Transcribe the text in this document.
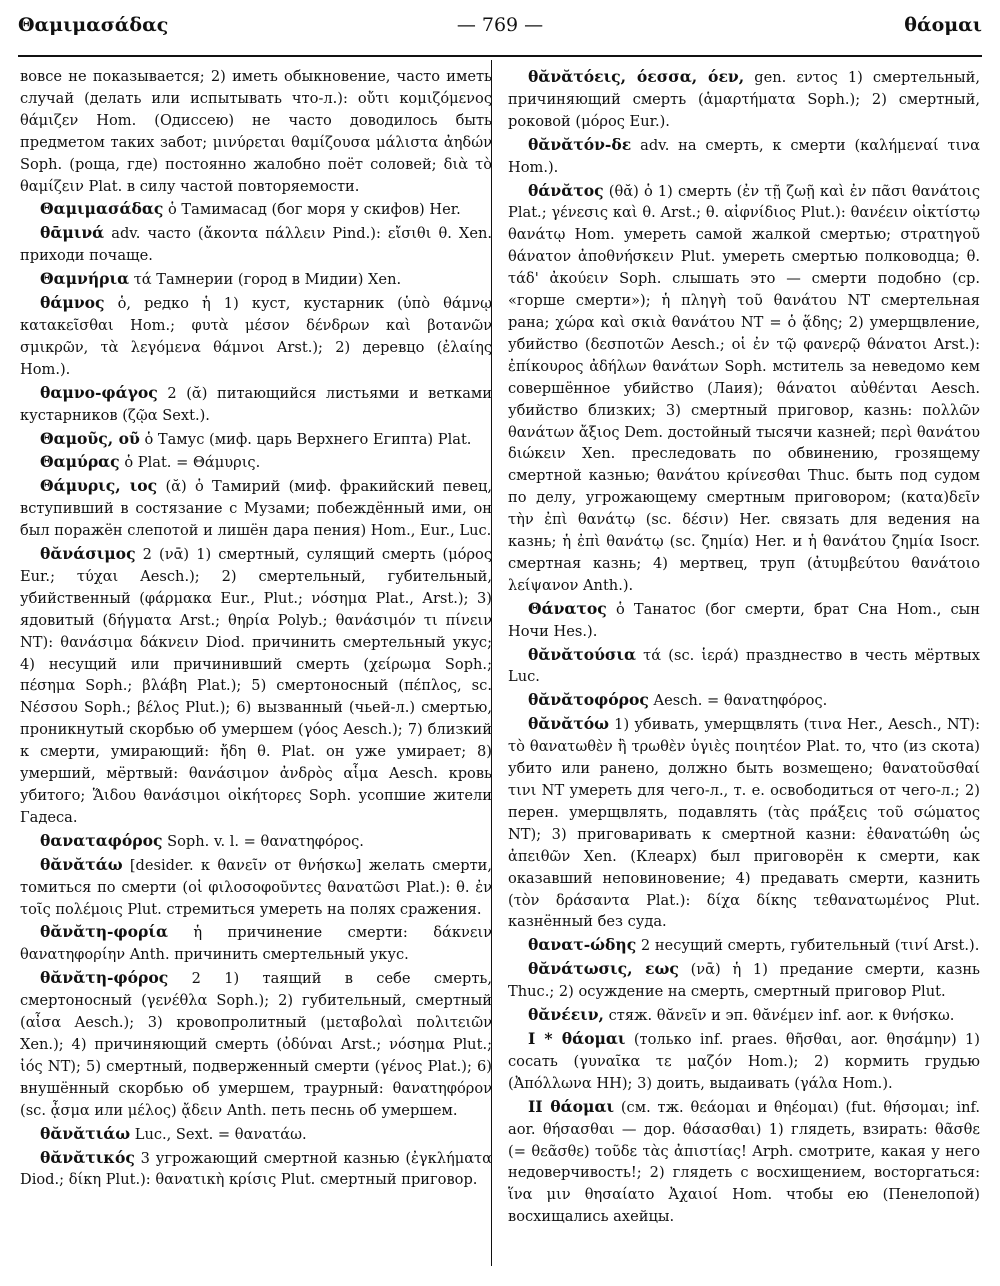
Θαμιμασάδας	— 769 —	θάομαι

вовсе не показывается; 2) иметь обыкновение, часто иметь случай (делать или испытывать что-л.): οὔτι κομιζόμενος θάμιζεν Hom. (Одиссею) не часто доводилось быть предметом таких забот; μινύρεται θαμίζουσα μάλιστα ἀηδών Soph. (роща, где) постоянно жалобно поёт соловей; διὰ τὸ θαμίζειν Plat. в силу частой повторяемости.

Θαμιμασάδας ὁ Тамимасад (бог моря у скифов) Her.

θᾱμινά adv. часто (ἄκοντα πάλλειν Pind.): εἴσιθι θ. Xen. приходи почаще.

Θαμνήρια τά Тамнерии (город в Мидии) Xen.

θάμνος ὁ, редко ἡ 1) куст, кустарник (ὑπὸ θάμνῳ κατακεῖσθαι Hom.; φυτὰ μέσον δένδρων καὶ βοτανῶν σμικρῶν, τὰ λεγόμενα θάμνοι Arst.); 2) деревцо (ἐλαίης Hom.).

θαμνο-φάγος 2 (ᾰ) питающийся листьями и ветками кустарников (ζῷα Sext.).

Θαμοῦς, οῦ ὁ Тамус (миф. царь Верхнего Египта) Plat.

Θαμύρας ὁ Plat. = Θάμυρις.

Θάμυρις, ιος (ᾰ) ὁ Тамирий (миф. фракийский певец, вступивший в состязание с Музами; побеждённый ими, он был поражён слепотой и лишён дара пения) Hom., Eur., Luc.

θᾰνάσιμος 2 (νᾱ) 1) смертный, сулящий смерть (μόρος Eur.; τύχαι Aesch.); 2) смертельный, губительный, убийственный (φάρμακα Eur., Plut.; νόσημα Plat., Arst.); 3) ядовитый (δήγματα Arst.; θηρία Polyb.; θανάσιμόν τι πίνειν NT): θανάσιμα δάκνειν Diod. причинить смертельный укус; 4) несущий или причинивший смерть (χείρωμα Soph.; πέσημα Soph.; βλάβη Plat.); 5) смертоносный (πέπλος, sc. Νέσσου Soph.; βέλος Plut.); 6) вызванный (чьей-л.) смертью, проникнутый скорбью об умершем (γόος Aesch.); 7) близкий к смерти, умирающий: ἤδη θ. Plat. он уже умирает; 8) умерший, мёртвый: θανάσιμον ἀνδρὸς αἷμα Aesch. кровь убитого; Ἅιδου θανάσιμοι οἰκήτορες Soph. усопшие жители Гадеса.

θαναταφόρος Soph. v. l. = θανατηφόρος.

θᾰνᾰτάω [desider. к θανεῖν от θνήσκω] желать смерти, томиться по смерти (οἱ φιλοσοφοῦντες θανατῶσι Plat.): θ. ἐν τοῖς πολέμοις Plut. стремиться умереть на полях сражения.

θᾰνᾰτη-φορία ἡ причинение смерти: δάκνειν θανατηφορίην Anth. причинить смертельный укус.

θᾰνᾰτη-φόρος 2 1) таящий в себе смерть, смертоносный (γενέθλα Soph.); 2) губительный, смертный (αἶσα Aesch.); 3) кровопролитный (μεταβολαὶ πολιτειῶν Xen.); 4) причиняющий смерть (ὀδύναι Arst.; νόσημα Plut.; ἰός NT); 5) смертный, подверженный смерти (γένος Plat.); 6) внушённый скорбью об умершем, траурный: θανατηφόρον (sc. ᾆσμα или μέλος) ᾄδειν Anth. петь песнь об умершем.

θᾰνᾰτιάω Luc., Sext. = θανατάω.

θᾰνᾰτικός 3 угрожающий смертной казнью (ἐγκλήματα Diod.; δίκη Plut.): θανατικὴ κρίσις Plut. смертный приговор.

θᾰνᾰτόεις, όεσσα, όεν, gen. εντος 1) смертельный, причиняющий смерть (ἁμαρτήματα Soph.); 2) смертный, роковой (μόρος Eur.).

θᾰνᾰτόν-δε adv. на смерть, к смерти (καλήμεναί τινα Hom.).

θάνᾰτος (θᾰ) ὁ 1) смерть (ἐν τῇ ζωῇ καὶ ἐν πᾶσι θανάτοις Plat.; γένεσις καὶ θ. Arst.; θ. αἰφνίδιος Plut.): θανέειν οἰκτίστῳ θανάτῳ Hom. умереть самой жалкой смертью; στρατηγοῦ θάνατον ἀποθνήσκειν Plut. умереть смертью полководца; θ. τάδ' ἀκούειν Soph. слышать это — смерти подобно (ср. «горше смерти»); ἡ πληγὴ τοῦ θανάτου NT смертельная рана; χώρα καὶ σκιὰ θανάτου NT = ὁ ᾅδης; 2) умерщвление, убийство (δεσποτῶν Aesch.; οἱ ἐν τῷ φανερῷ θάνατοι Arst.): ἐπίκουρος ἀδήλων θανάτων Soph. мститель за неведомо кем совершённое убийство (Лаия); θάνατοι αὐθένται Aesch. убийство близких; 3) смертный приговор, казнь: πολλῶν θανάτων ἄξιος Dem. достойный тысячи казней; περὶ θανάτου διώκειν Xen. преследовать по обвинению, грозящему смертной казнью; θανάτου κρίνεσθαι Thuc. быть под судом по делу, угрожающему смертным приговором; (κατα)δεῖν τὴν ἐπὶ θανάτῳ (sc. δέσιν) Her. связать для ведения на казнь; ἡ ἐπὶ θανάτῳ (sc. ζημία) Her. и ἡ θανάτου ζημία Isocr. смертная казнь; 4) мертвец, труп (ἀτυμβεύτου θανάτοιο λείψανον Anth.).

Θάνατος ὁ Танатос (бог смерти, брат Сна Hom., сын Ночи Hes.).

θᾰνᾰτούσια τά (sc. ἱερά) празднество в честь мёртвых Luc.

θᾰνᾰτοφόρος Aesch. = θανατηφόρος.

θᾰνᾰτόω 1) убивать, умерщвлять (τινα Her., Aesch., NT): τὸ θανατωθὲν ἢ τρωθὲν ὑγιὲς ποιητέον Plat. то, что (из скота) убито или ранено, должно быть возмещено; θανατοῦσθαί τινι NT умереть для чего-л., т. е. освободиться от чего-л.; 2) перен. умерщвлять, подавлять (τὰς πράξεις τοῦ σώματος NT); 3) приговаривать к смертной казни: ἐθανατώθη ὡς ἀπειθῶν Xen. (Клеарх) был приговорён к смерти, как оказавший неповиновение; 4) предавать смерти, казнить (τὸν δράσαντα Plat.): δίχα δίκης τεθανατωμένος Plut. казнённый без суда.

θανατ-ώδης 2 несущий смерть, губительный (τινί Arst.).

θᾰνάτωσις, εως (νᾱ) ἡ 1) предание смерти, казнь Thuc.; 2) осуждение на смерть, смертный приговор Plut.

θᾰνέειν, стяж. θᾰνεῖν и эп. θᾰνέμεν inf. aor. к θνήσκω.

I * θάομαι (только inf. praes. θῆσθαι, aor. θησάμην) 1) сосать (γυναῖκα τε μαζόν Hom.); 2) кормить грудью (Ἀπόλλωνα HH); 3) доить, выдаивать (γάλα Hom.).

II θάομαι (см. тж. θεάομαι и θηέομαι) (fut. θήσομαι; inf. aor. θήσασθαι — дор. θάσασθαι) 1) глядеть, взирать: θᾶσθε (= θεᾶσθε) τοῦδε τὰς ἀπιστίας! Arph. смотрите, какая у него недоверчивость!; 2) глядеть с восхищением, восторгаться: ἵνα μιν θησαίατο Ἀχαιοί Hom. чтобы ею (Пенелопой) восхищались ахейцы.
